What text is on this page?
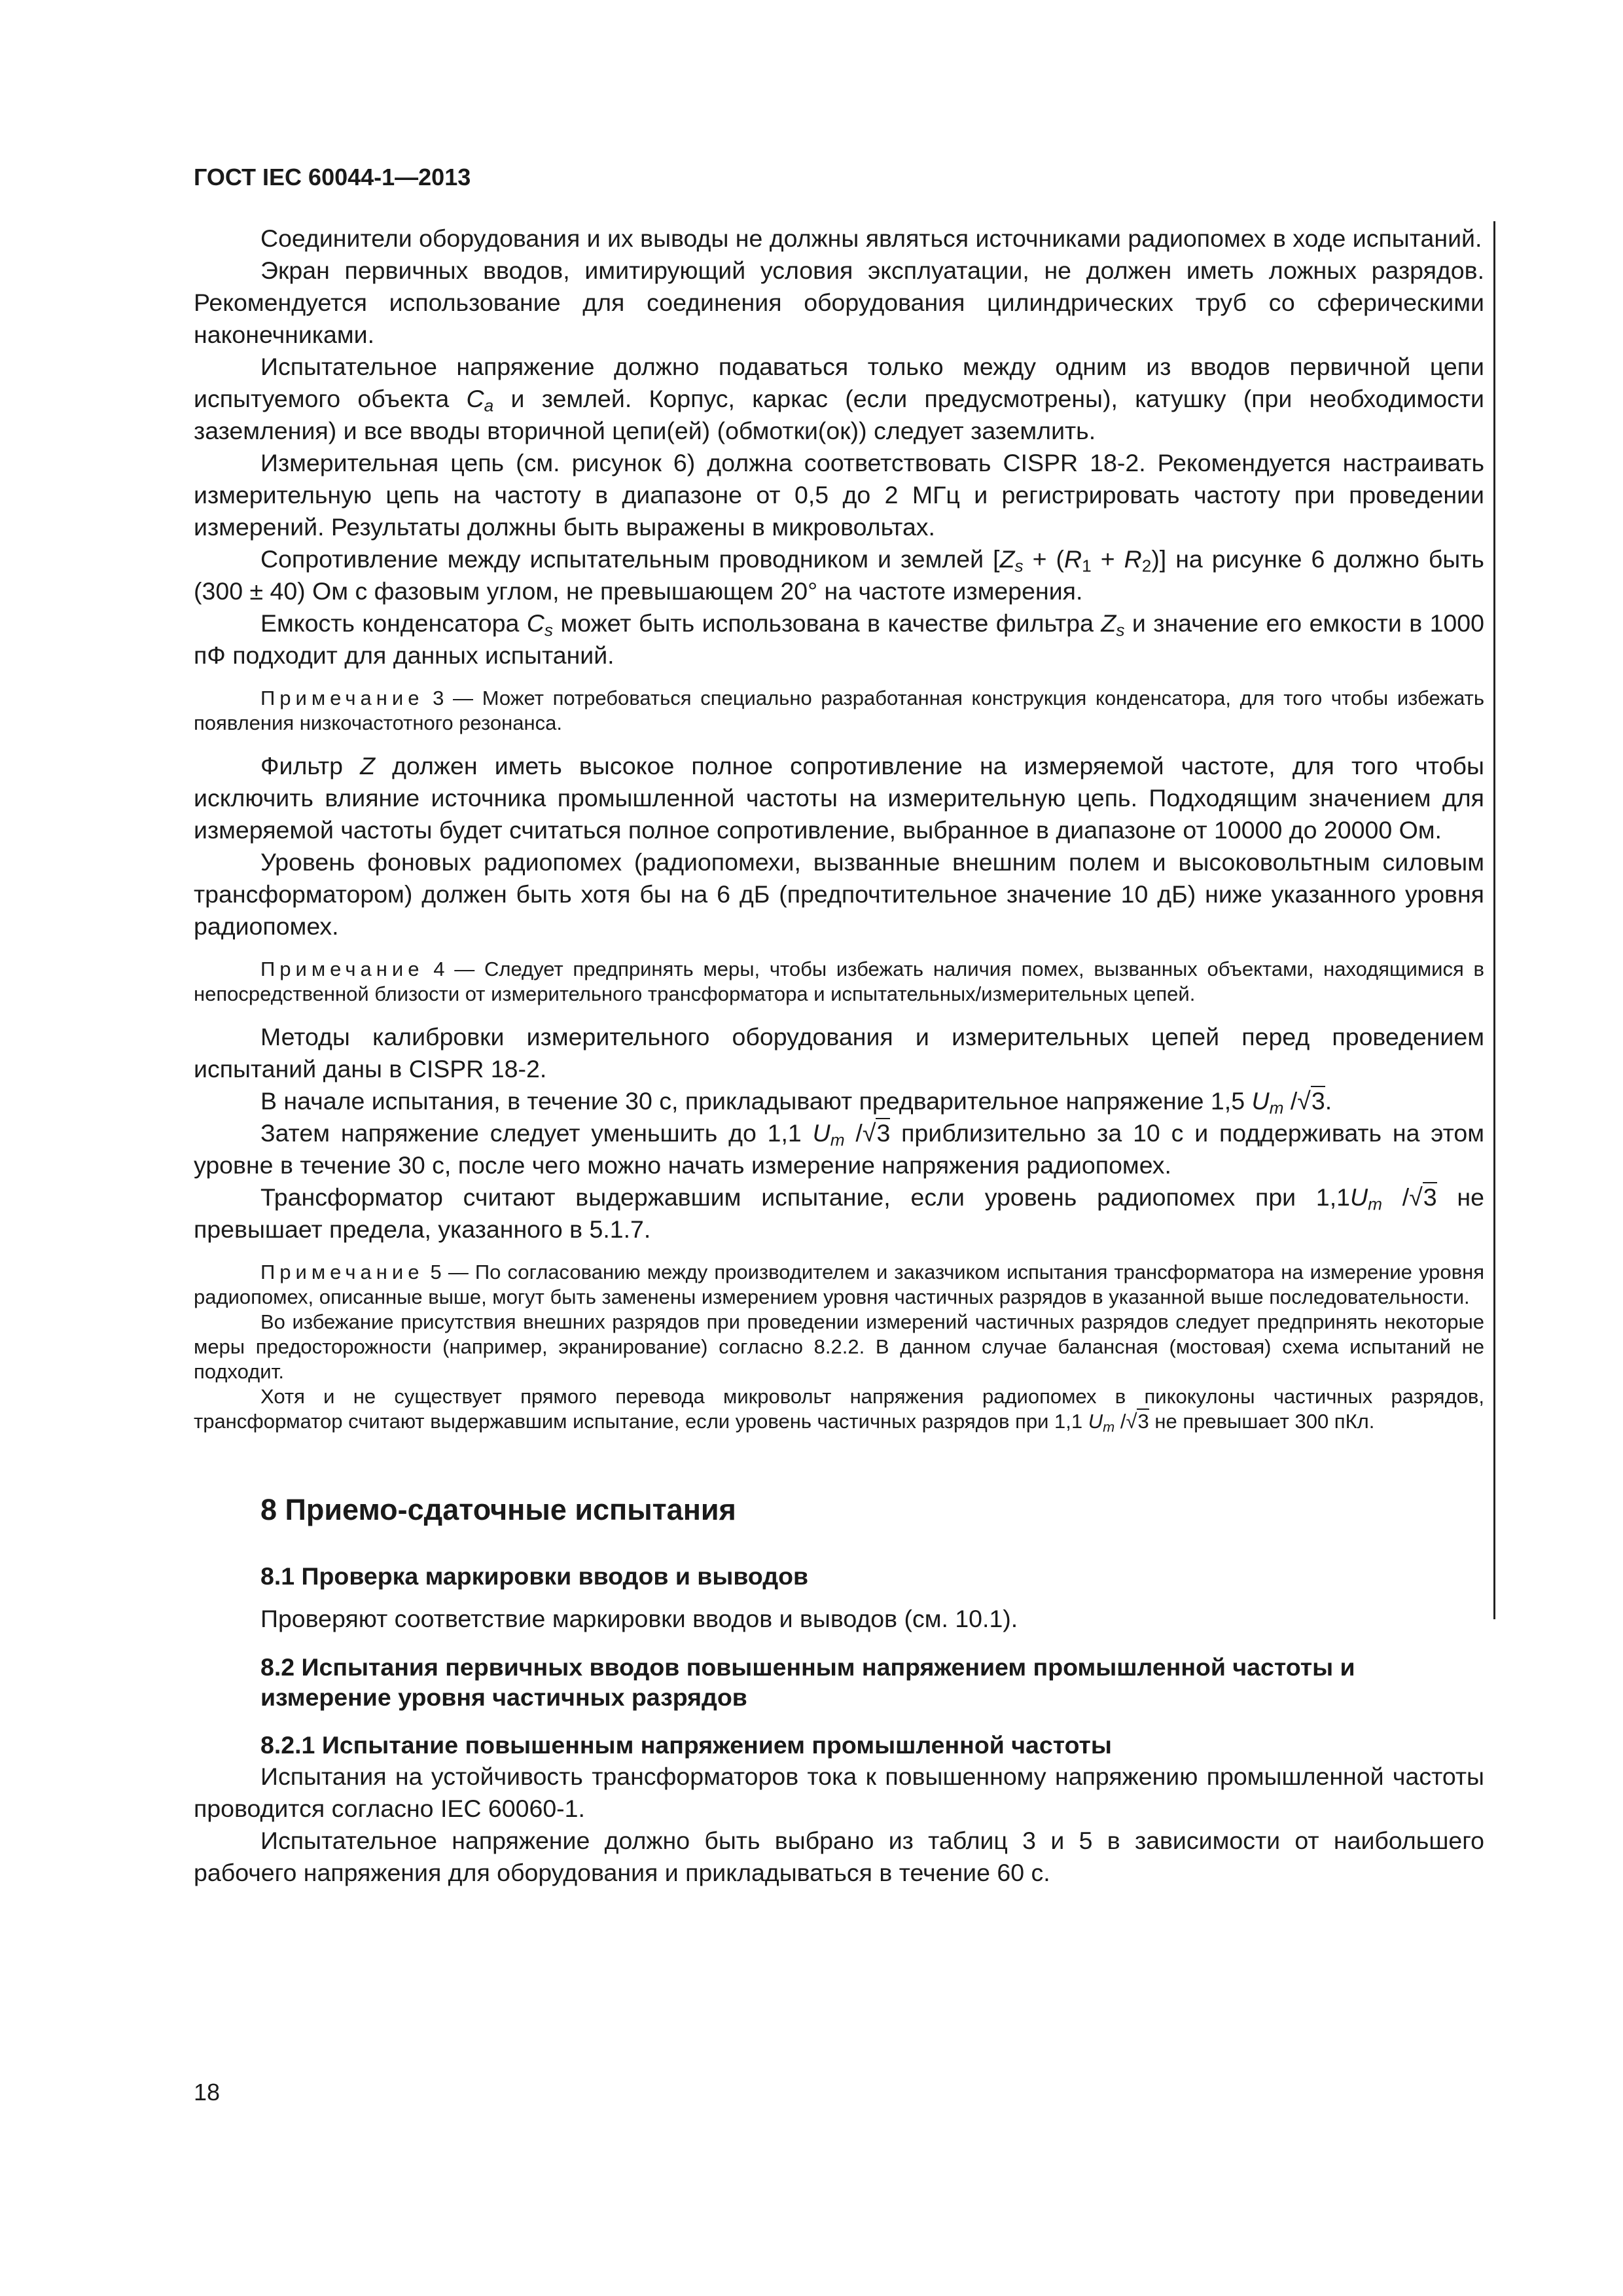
ГОСТ IEC 60044-1—2013

Соединители оборудования и их выводы не должны являться источниками радиопомех в ходе испытаний.

Экран первичных вводов, имитирующий условия эксплуатации, не должен иметь ложных разрядов. Рекомендуется использование для соединения оборудования цилиндрических труб со сферическими наконечниками.

Испытательное напряжение должно подаваться только между одним из вводов первичной цепи испытуемого объекта $C_a$ и землей. Корпус, каркас (если предусмотрены), катушку (при необходимости заземления) и все вводы вторичной цепи(ей) (обмотки(ок)) следует заземлить.

Измерительная цепь (см. рисунок 6) должна соответствовать CISPR 18-2. Рекомендуется настраивать измерительную цепь на частоту в диапазоне от 0,5 до 2 МГц и регистрировать частоту при проведении измерений. Результаты должны быть выражены в микровольтах.

Сопротивление между испытательным проводником и землей $[Z_s + (R_1 + R_2)]$ на рисунке 6 должно быть (300 ± 40) Ом с фазовым углом, не превышающем 20° на частоте измерения.

Емкость конденсатора $C_s$ может быть использована в качестве фильтра $Z_s$ и значение его емкости в 1000 пФ подходит для данных испытаний.

Примечание 3 — Может потребоваться специально разработанная конструкция конденсатора, для того чтобы избежать появления низкочастотного резонанса.

Фильтр Z должен иметь высокое полное сопротивление на измеряемой частоте, для того чтобы исключить влияние источника промышленной частоты на измерительную цепь. Подходящим значением для измеряемой частоты будет считаться полное сопротивление, выбранное в диапазоне от 10000 до 20000 Ом.

Уровень фоновых радиопомех (радиопомехи, вызванные внешним полем и высоковольтным силовым трансформатором) должен быть хотя бы на 6 дБ (предпочтительное значение 10 дБ) ниже указанного уровня радиопомех.

Примечание 4 — Следует предпринять меры, чтобы избежать наличия помех, вызванных объектами, находящимися в непосредственной близости от измерительного трансформатора и испытательных/измерительных цепей.

Методы калибровки измерительного оборудования и измерительных цепей перед проведением испытаний даны в CISPR 18-2.

В начале испытания, в течение 30 с, прикладывают предварительное напряжение 1,5 $U_m$ /√3.

Затем напряжение следует уменьшить до 1,1 $U_m$ /√3 приблизительно за 10 с и поддерживать на этом уровне в течение 30 с, после чего можно начать измерение напряжения радиопомех.

Трансформатор считают выдержавшим испытание, если уровень радиопомех при $1,1U_m$ /√3 не превышает предела, указанного в 5.1.7.

Примечание 5 — По согласованию между производителем и заказчиком испытания трансформатора на измерение уровня радиопомех, описанные выше, могут быть заменены измерением уровня частичных разрядов в указанной выше последовательности.

Во избежание присутствия внешних разрядов при проведении измерений частичных разрядов следует предпринять некоторые меры предосторожности (например, экранирование) согласно 8.2.2. В данном случае балансная (мостовая) схема испытаний не подходит.

Хотя и не существует прямого перевода микровольт напряжения радиопомех в пикокулоны частичных разрядов, трансформатор считают выдержавшим испытание, если уровень частичных разрядов при 1,1 $U_m$ /√3 не превышает 300 пКл.

8 Приемо-сдаточные испытания
8.1 Проверка маркировки вводов и выводов

Проверяют соответствие маркировки вводов и выводов (см. 10.1).

8.2 Испытания первичных вводов повышенным напряжением промышленной частоты и измерение уровня частичных разрядов
8.2.1 Испытание повышенным напряжением промышленной частоты

Испытания на устойчивость трансформаторов тока к повышенному напряжению промышленной частоты проводится согласно IEC 60060-1.

Испытательное напряжение должно быть выбрано из таблиц 3 и 5 в зависимости от наибольшего рабочего напряжения для оборудования и прикладываться в течение 60 с.

18
